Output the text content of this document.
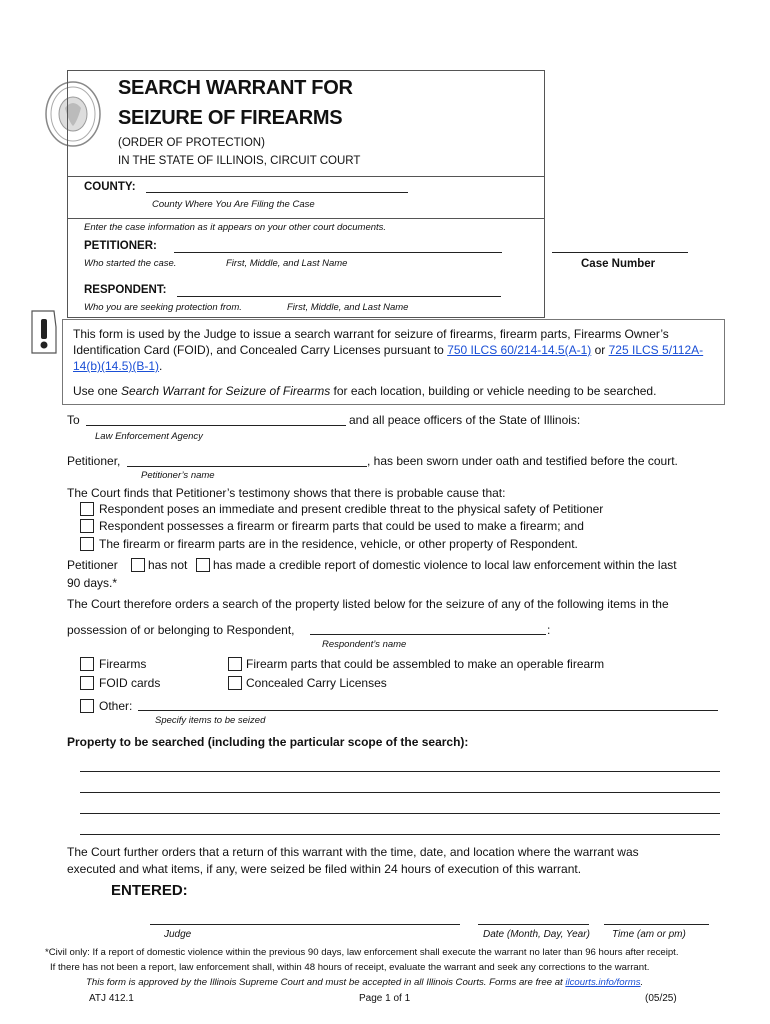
SEARCH WARRANT FOR
SEIZURE OF FIREARMS
(ORDER OF PROTECTION)
IN THE STATE OF ILLINOIS, CIRCUIT COURT
COUNTY:
County Where You Are Filing the Case
Enter the case information as it appears on your other court documents.
PETITIONER:
Who started the case.	First, Middle, and Last Name
RESPONDENT:
Who you are seeking protection from.	First, Middle, and Last Name
Case Number
This form is used by the Judge to issue a search warrant for seizure of firearms, firearm parts, Firearms Owner’s Identification Card (FOID), and Concealed Carry Licenses pursuant to 750 ILCS 60/214-14.5(A-1) or 725 ILCS 5/112A-14(b)(14.5)(B-1).
Use one Search Warrant for Seizure of Firearms for each location, building or vehicle needing to be searched.
To	and all peace officers of the State of Illinois:
Law Enforcement Agency
Petitioner,	, has been sworn under oath and testified before the court.
Petitioner’s name
The Court finds that Petitioner’s testimony shows that there is probable cause that:
Respondent poses an immediate and present credible threat to the physical safety of Petitioner
Respondent possesses a firearm or firearm parts that could be used to make a firearm; and
The firearm or firearm parts are in the residence, vehicle, or other property of Respondent.
Petitioner	has not has made a credible report of domestic violence to local law enforcement within the last
90 days.*
The Court therefore orders a search of the property listed below for the seizure of any of the following items in the
possession of or belonging to Respondent,	:
Respondent’s name
Firearms
FOID cards
Firearm parts that could be assembled to make an operable firearm
Concealed Carry Licenses
Other:
Specify items to be seized
Property to be searched (including the particular scope of the search):
The Court further orders that a return of this warrant with the time, date, and location where the warrant was
executed and what items, if any, were seized be filed within 24 hours of execution of this warrant.
ENTERED:
Judge	Date (Month, Day, Year) Time (am or pm)
*Civil only: If a report of domestic violence within the previous 90 days, law enforcement shall execute the warrant no later than 96 hours after receipt.
If there has not been a report, law enforcement shall, within 48 hours of receipt, evaluate the warrant and seek any corrections to the warrant.
This form is approved by the Illinois Supreme Court and must be accepted in all Illinois Courts. Forms are free at ilcourts.info/forms.
ATJ 412.1	Page 1 of 1	(05/25)
